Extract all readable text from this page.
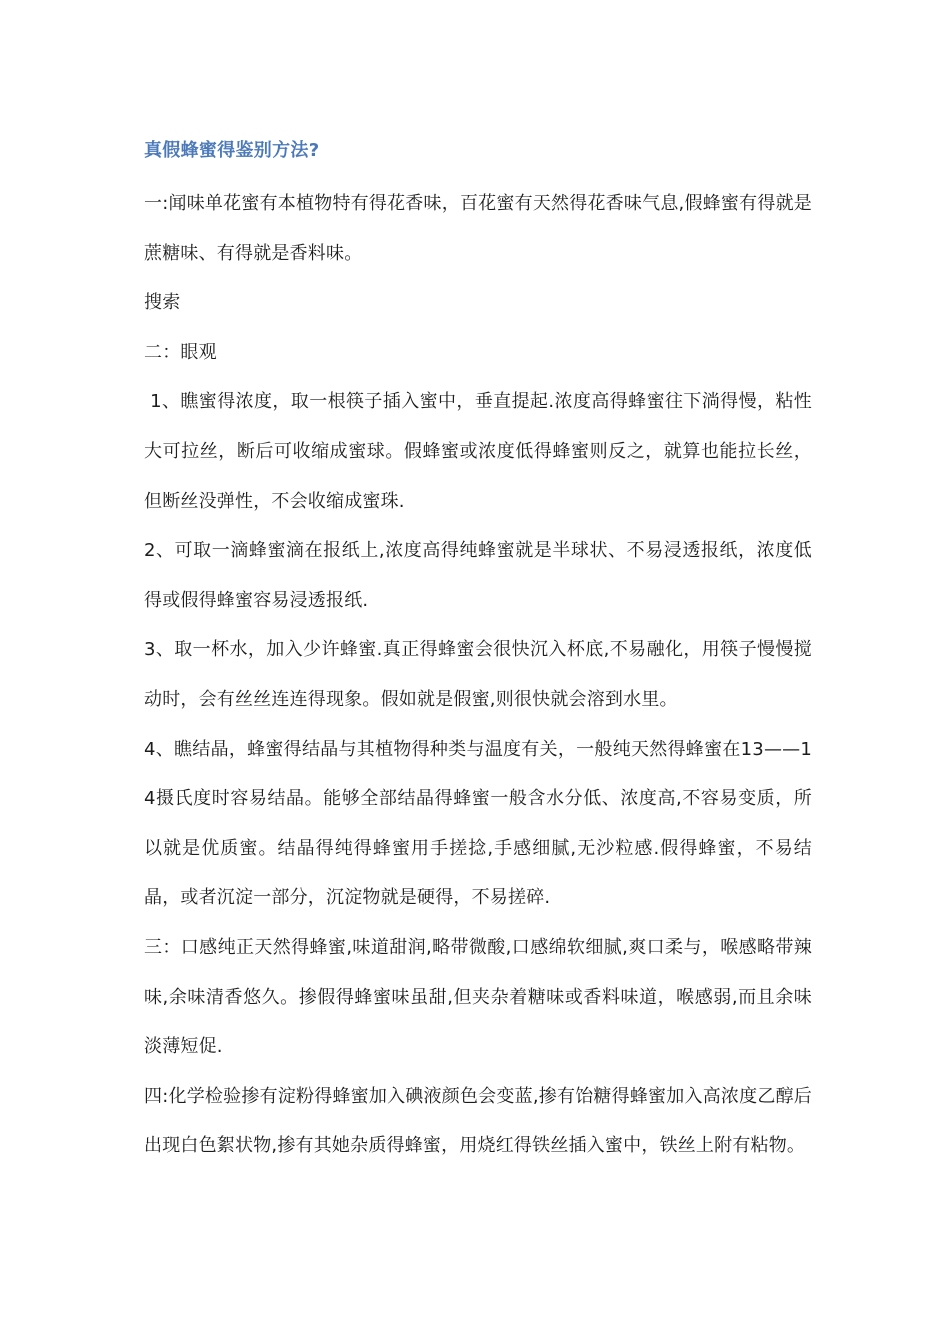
真假蜂蜜得鉴别方法?

一:闻味单花蜜有本植物特有得花香味，百花蜜有天然得花香味气息,假蜂蜜有得就是蔗糖味、有得就是香料味。

搜索

二：眼观

1、瞧蜜得浓度，取一根筷子插入蜜中，垂直提起.浓度高得蜂蜜往下淌得慢，粘性大可拉丝，断后可收缩成蜜球。假蜂蜜或浓度低得蜂蜜则反之，就算也能拉长丝，但断丝没弹性，不会收缩成蜜珠.

2、可取一滴蜂蜜滴在报纸上,浓度高得纯蜂蜜就是半球状、不易浸透报纸，浓度低得或假得蜂蜜容易浸透报纸.

3、取一杯水，加入少许蜂蜜.真正得蜂蜜会很快沉入杯底,不易融化，用筷子慢慢搅动时，会有丝丝连连得现象。假如就是假蜜,则很快就会溶到水里。

4、瞧结晶，蜂蜜得结晶与其植物得种类与温度有关，一般纯天然得蜂蜜在13——14摄氏度时容易结晶。能够全部结晶得蜂蜜一般含水分低、浓度高,不容易变质，所以就是优质蜜。结晶得纯得蜂蜜用手搓捻,手感细腻,无沙粒感.假得蜂蜜，不易结晶，或者沉淀一部分，沉淀物就是硬得，不易搓碎.

三：口感纯正天然得蜂蜜,味道甜润,略带微酸,口感绵软细腻,爽口柔与，喉感略带辣味,余味清香悠久。掺假得蜂蜜味虽甜,但夹杂着糖味或香料味道，喉感弱,而且余味淡薄短促.

四:化学检验掺有淀粉得蜂蜜加入碘液颜色会变蓝,掺有饴糖得蜂蜜加入高浓度乙醇后出现白色絮状物,掺有其她杂质得蜂蜜，用烧红得铁丝插入蜜中，铁丝上附有粘物。
